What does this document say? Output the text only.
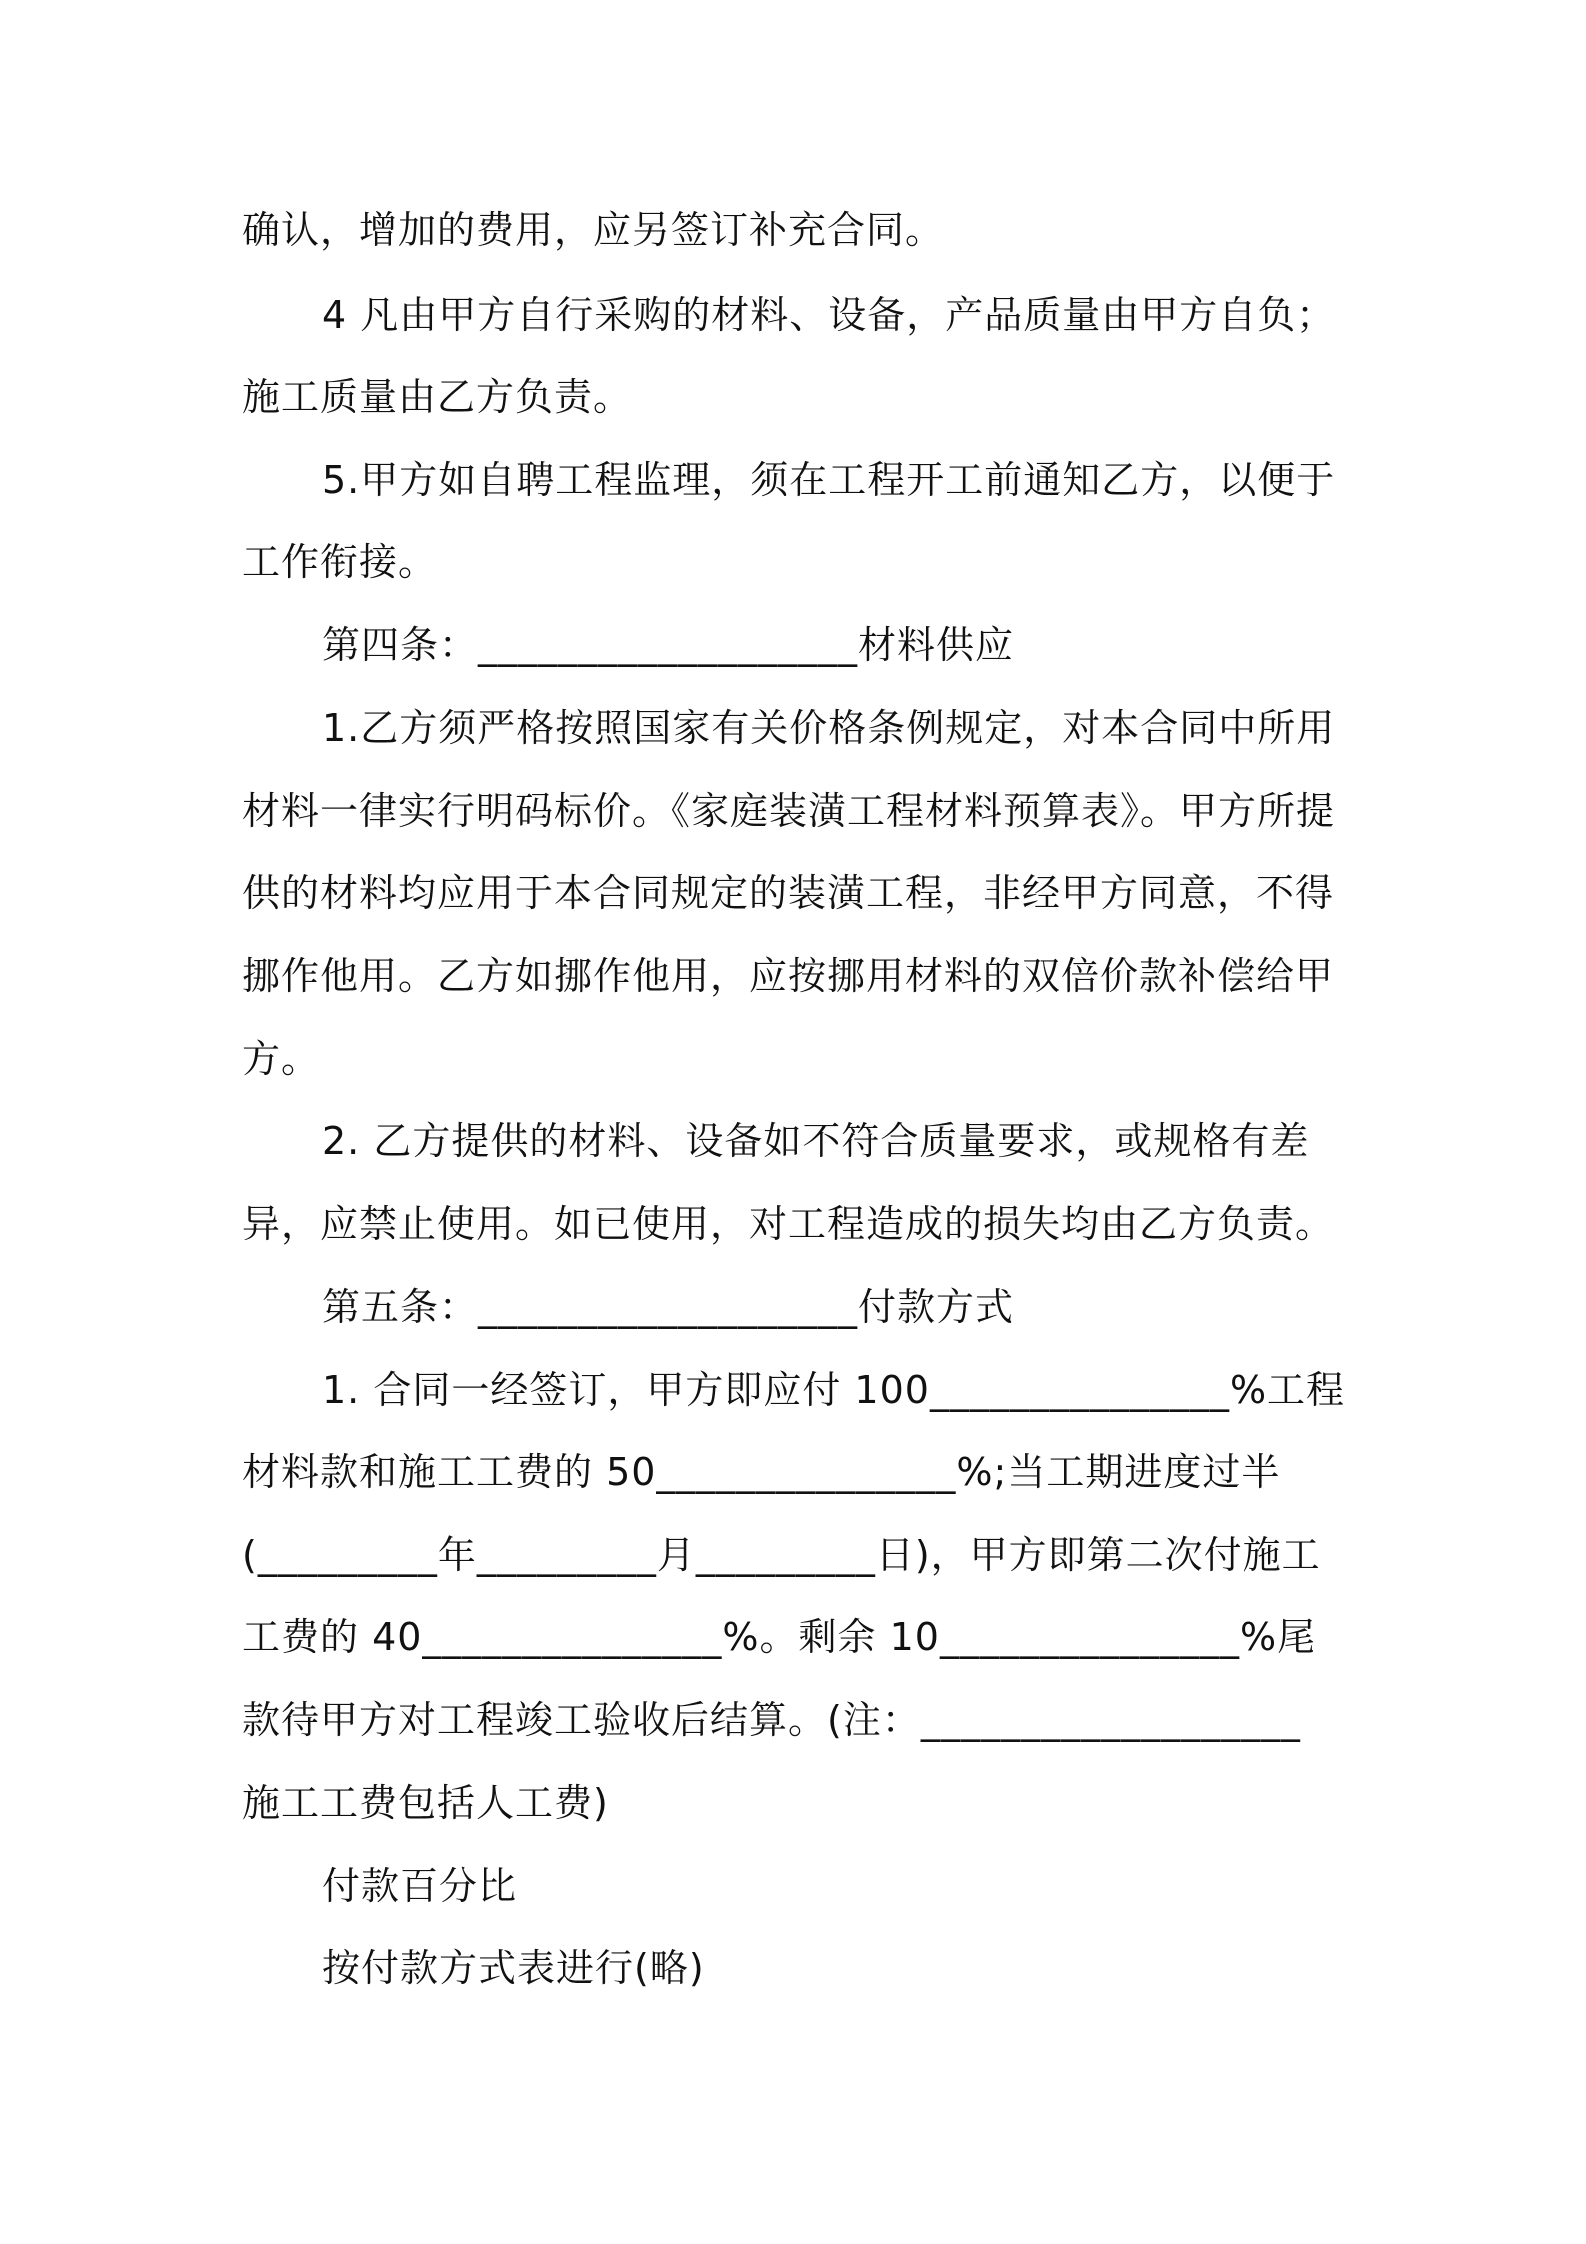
确认，增加的费用，应另签订补充合同。
4 凡由甲方自行采购的材料、设备，产品质量由甲方自负；
施工质量由乙方负责。
5.甲方如自聘工程监理，须在工程开工前通知乙方，以便于
工作衔接。
第四条：___________________材料供应
1.乙方须严格按照国家有关价格条例规定，对本合同中所用
材料一律实行明码标价。《家庭装潢工程材料预算表》。甲方所提
供的材料均应用于本合同规定的装潢工程，非经甲方同意，不得
挪作他用。乙方如挪作他用，应按挪用材料的双倍价款补偿给甲
方。
2. 乙方提供的材料、设备如不符合质量要求，或规格有差
异，应禁止使用。如已使用，对工程造成的损失均由乙方负责。
第五条：___________________付款方式
1. 合同一经签订，甲方即应付 100_______________%工程
材料款和施工工费的 50_______________%;当工期进度过半
(_________年_________月_________日)，甲方即第二次付施工
工费的 40_______________%。剩余 10_______________%尾
款待甲方对工程竣工验收后结算。(注：___________________
施工工费包括人工费)
付款百分比
按付款方式表进行(略)
